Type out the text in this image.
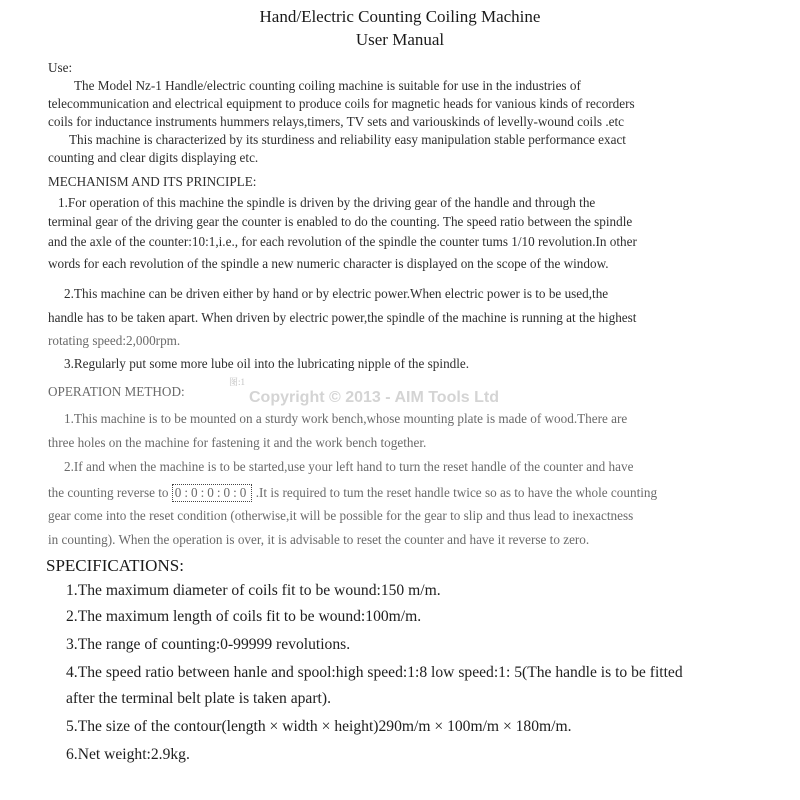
Hand/Electric Counting Coiling Machine
User Manual
Use:
The Model Nz-1 Handle/electric counting coiling machine is suitable for use in the industries of
telecommunication and electrical equipment to produce coils for magnetic heads for vanious kinds of recorders
coils for inductance instruments hummers relays,timers, TV sets and variouskinds of levelly-wound coils .etc
This machine is characterized by its sturdiness and reliability easy manipulation stable performance exact
counting and clear digits displaying etc.
MECHANISM AND ITS PRINCIPLE:
1.For operation of this machine the spindle is driven by the driving gear of the handle and through the
terminal gear of the driving gear the counter is enabled to do the counting. The speed ratio between the spindle
and the axle of the counter:10:1,i.e., for each revolution of the spindle the counter tums 1/10 revolution.In other
words for each revolution of the spindle a new numeric character is displayed on the scope of the window.
2.This machine can be driven either by hand or by electric power.When electric power is to be used,the
handle has to be taken apart. When driven by electric power,the spindle of the machine is running at the highest
rotating speed:2,000rpm.
3.Regularly put some more lube oil into the lubricating nipple of the spindle.
图:1
OPERATION METHOD:	Copyright © 2013 - AIM Tools Ltd
1.This machine is to be mounted on a sturdy work bench,whose mounting plate is made of wood.There are
three holes on the machine for fastening it and the work bench together.
2.If and when the machine is to be started,use your left hand to turn the reset handle of the counter and have
the counting reverse to 0:0:0:0:0 .It is required to tum the reset handle twice so as to have the whole counting
gear come into the reset condition (otherwise,it will be possible for the gear to slip and thus lead to inexactness
in counting). When the operation is over, it is advisable to reset the counter and have it reverse to zero.
SPECIFICATIONS:
1.The maximum diameter of coils fit to be wound:150 m/m.
2.The maximum length of coils fit to be wound:100m/m.
3.The range of counting:0-99999 revolutions.
4.The speed ratio between hanle and spool:high speed:1:8 low speed:1: 5(The handle is to be fitted
after the terminal belt plate is taken apart).
5.The size of the contour(length × width × height)290m/m × 100m/m × 180m/m.
6.Net weight:2.9kg.
